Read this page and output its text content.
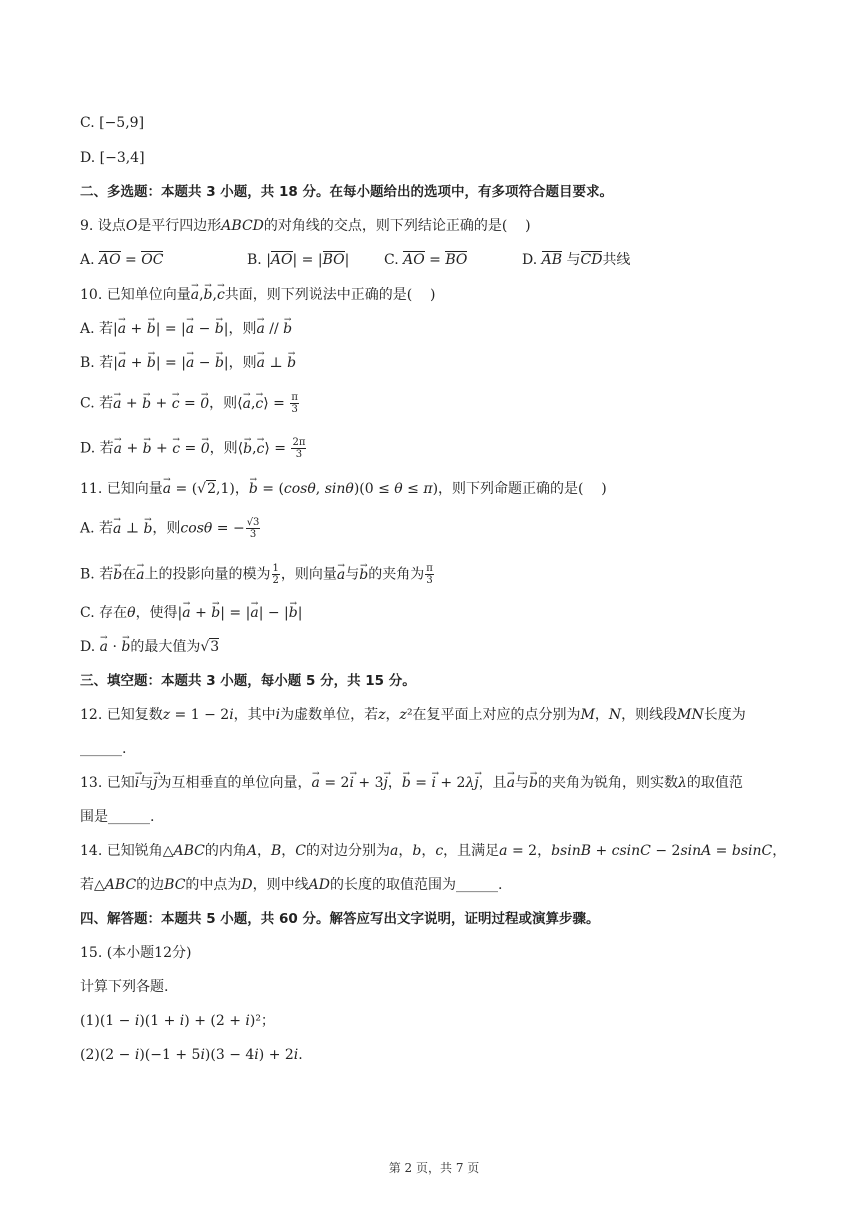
C. [−5,9]
D. [−3,4]
二、多选题：本题共 3 小题，共 18 分。在每小题给出的选项中，有多项符合题目要求。
9. 设点O是平行四边形ABCD的对角线的交点，则下列结论正确的是(    )
A. AO = OC	B. |AO| = |BO| C. AO = BO	D. AB 与CD共线
10. 已知单位向量→ a,→ b,→ c共面，则下列说法中正确的是(    )
A. 若|→ a + → b| = |→ a − → b|，则→ a // → b
B. 若|→ a + → b| = |→ a − → b|，则→ a ⊥ → b
C. 若→ a + → b + → c = → 0，则⟨→ a,→ c⟩ = $\frac{\pi}{3}$
D. 若→ a + → b + → c = → 0，则⟨→ b,→ c⟩ = $\frac{2\pi}{3}$
11. 已知向量→ a = (√2,1)，→ b = (cosθ, sinθ)(0 ≤ θ ≤ π)，则下列命题正确的是(    )
A. 若→ a ⊥ → b，则cosθ = − $\frac{√3}{3}$
B. 若→ b在→ a上的投影向量的模为 $\frac{1}{2}$ ，则向量→ a与→ b的夹角为 $\frac{\pi}{3}$
C. 存在θ，使得|→ a + → b| = |→ a| − |→ b|
D. → a · → b的最大值为√3
三、填空题：本题共 3 小题，每小题 5 分，共 15 分。
12. 已知复数z = 1 − 2i，其中i为虚数单位，若z，z²在复平面上对应的点分别为M，N，则线段MN长度为
______.
13. 已知→ i与→ j为互相垂直的单位向量，→ a = 2→ i + 3→ j，→ b = → i + 2λ→ j，且→ a与→ b的夹角为锐角，则实数λ的取值范
围是______.
14. 已知锐角△ABC的内角A，B，C的对边分别为a，b，c，且满足a = 2，bsinB + csinC − 2sinA = bsinC，
若△ABC的边BC的中点为D，则中线AD的长度的取值范围为______.
四、解答题：本题共 5 小题，共 60 分。解答应写出文字说明，证明过程或演算步骤。
15. (本小题12分)
计算下列各题.
(1)(1 − i)(1 + i) + (2 + i)²；
(2)(2 − i)(−1 + 5i)(3 − 4i) + 2i.
第 2 页，共 7 页
